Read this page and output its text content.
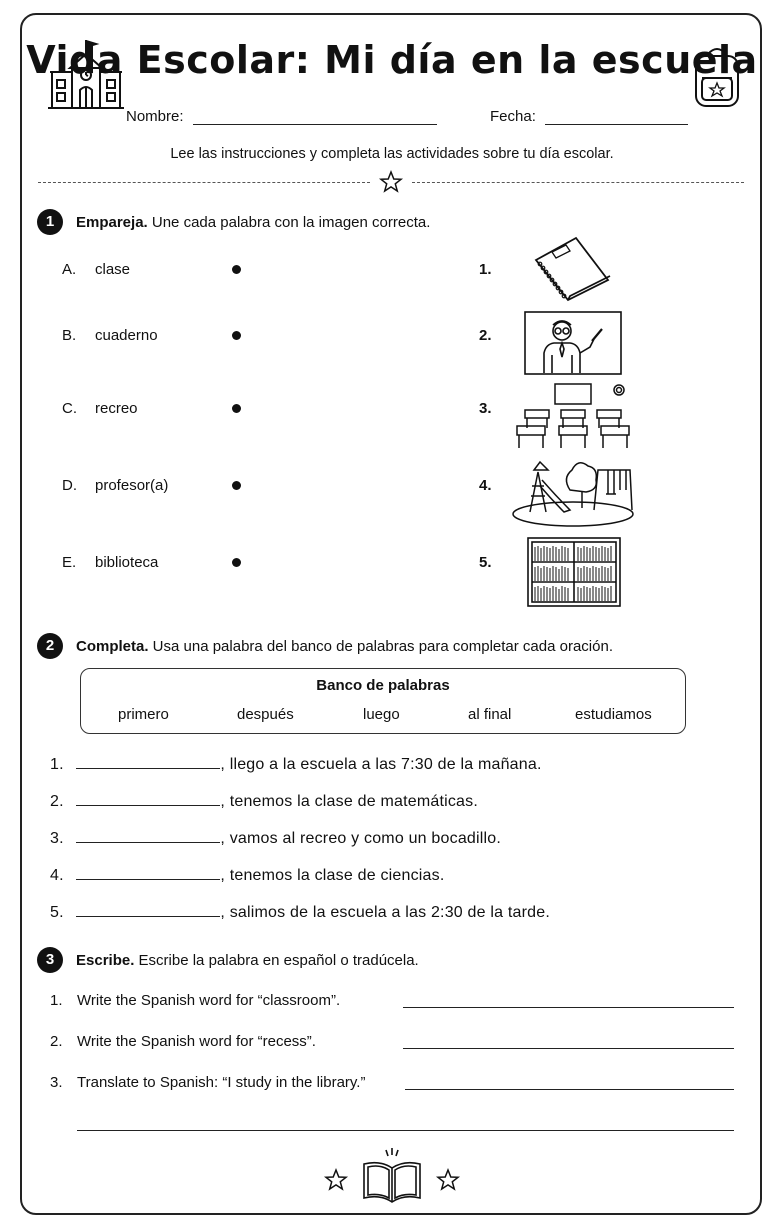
Vida Escolar: Mi día en la escuela
Nombre:	Fecha:
Lee las instrucciones y completa las actividades sobre tu día escolar.
1	Empareja. Une cada palabra con la imagen correcta.
A. clase
B. cuaderno
C. recreo
D. profesor(a)
E. biblioteca
1.
2.
3.
4.
5.
2	Completa. Usa una palabra del banco de palabras para completar cada oración.
Banco de palabras
primero	después	luego	al final	estudiamos
1.	, llego a la escuela a las 7:30 de la mañana.
2.	, tenemos la clase de matemáticas.
3.	, vamos al recreo y como un bocadillo.
4.	, tenemos la clase de ciencias.
5.	, salimos de la escuela a las 2:30 de la tarde.
3	Escribe. Escribe la palabra en español o tradúcela.
1. Write the Spanish word for “classroom”.
2. Write the Spanish word for “recess”.
3. Translate to Spanish: “I study in the library.”
